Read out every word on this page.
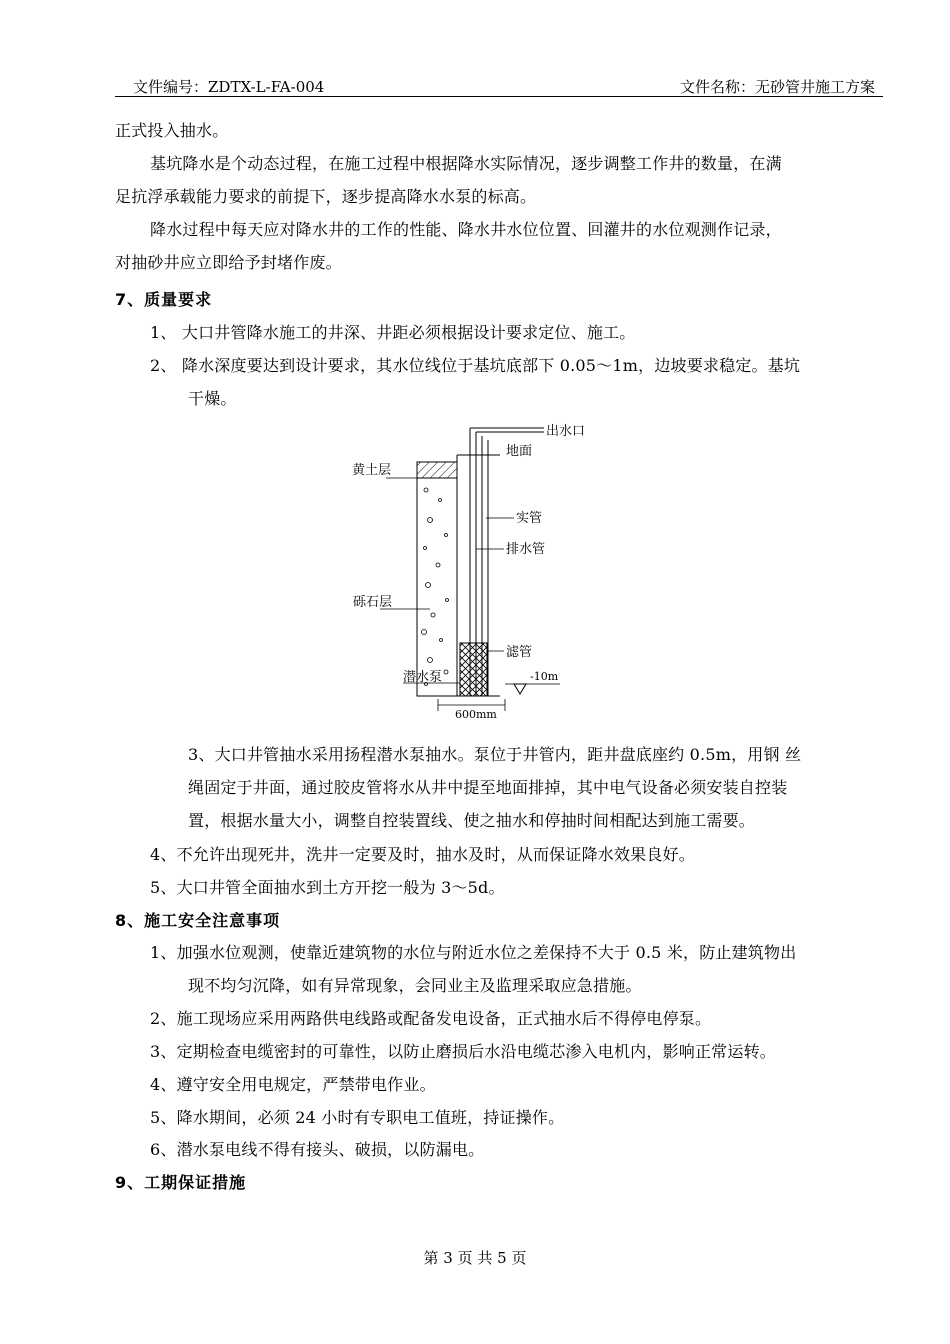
文件编号：ZDTX-L-FA-004	文件名称：无砂管井施工方案
正式投入抽水。
基坑降水是个动态过程，在施工过程中根据降水实际情况，逐步调整工作井的数量，在满
足抗浮承载能力要求的前提下，逐步提高降水水泵的标高。
降水过程中每天应对降水井的工作的性能、降水井水位位置、回灌井的水位观测作记录，
对抽砂井应立即给予封堵作废。
7、质量要求
1、 大口井管降水施工的井深、井距必须根据设计要求定位、施工。
2、 降水深度要达到设计要求，其水位线位于基坑底部下 0.05～1m，边坡要求稳定。基坑
干燥。
出水口
地面
黄土层
实管
排水管
砾石层
滤管
潜水泵	-10m
600mm
3、大口井管抽水采用扬程潜水泵抽水。泵位于井管内，距井盘底座约 0.5m，用钢 丝
绳固定于井面，通过胶皮管将水从井中提至地面排掉，其中电气设备必须安装自控装
置，根据水量大小，调整自控装置线、使之抽水和停抽时间相配达到施工需要。
4、不允许出现死井，洗井一定要及时，抽水及时，从而保证降水效果良好。
5、大口井管全面抽水到土方开挖一般为 3～5d。
8、施工安全注意事项
1、加强水位观测，使靠近建筑物的水位与附近水位之差保持不大于 0.5 米，防止建筑物出
现不均匀沉降，如有异常现象，会同业主及监理采取应急措施。
2、施工现场应采用两路供电线路或配备发电设备，正式抽水后不得停电停泵。
3、定期检查电缆密封的可靠性，以防止磨损后水沿电缆芯渗入电机内，影响正常运转。
4、遵守安全用电规定，严禁带电作业。
5、降水期间，必须 24 小时有专职电工值班，持证操作。
6、潜水泵电线不得有接头、破损，以防漏电。
9、工期保证措施
第 3 页 共 5 页
